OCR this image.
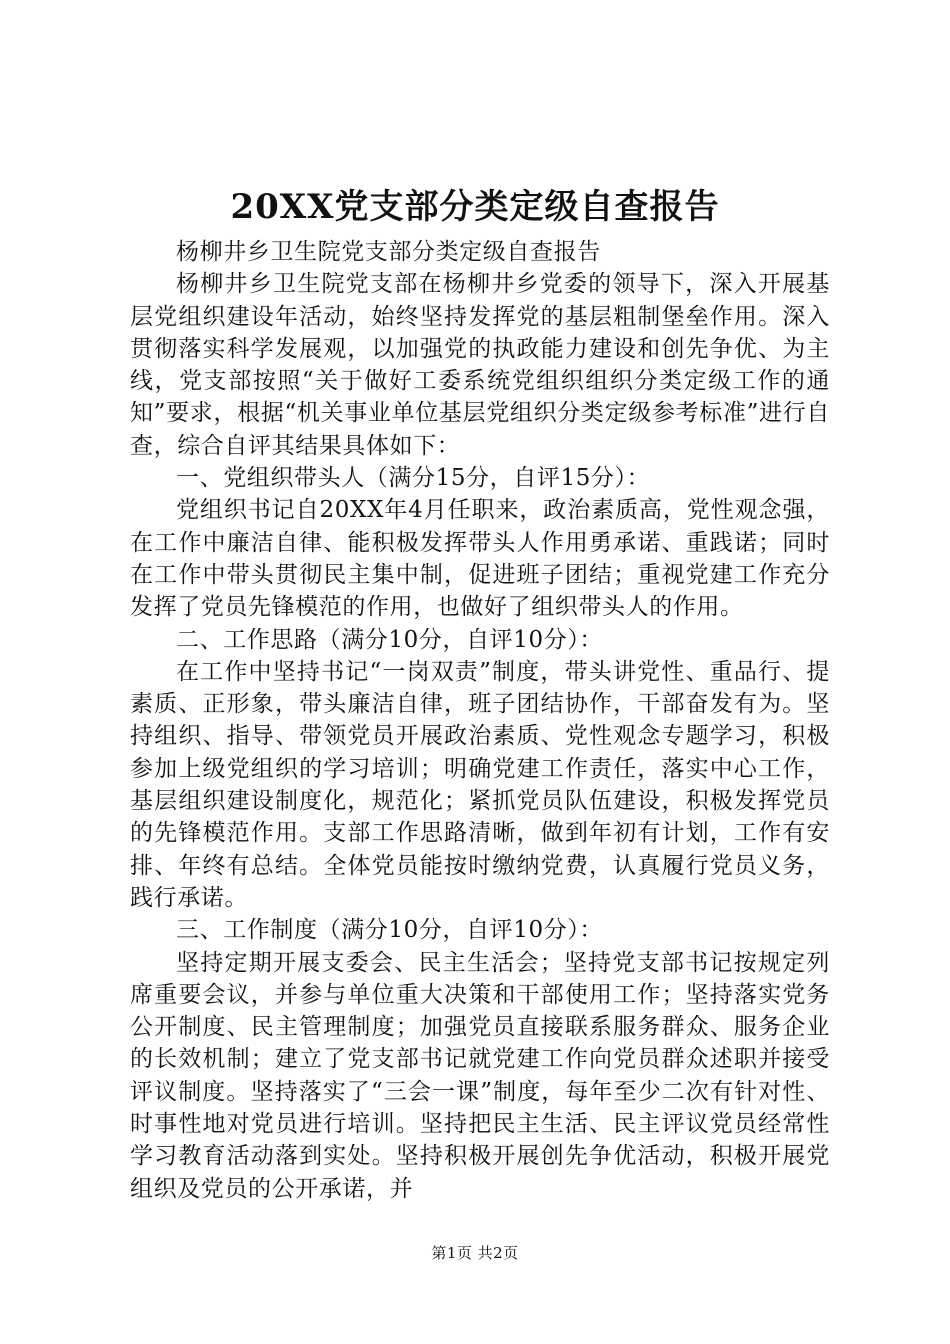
20XX党支部分类定级自查报告

杨柳井乡卫生院党支部分类定级自查报告

杨柳井乡卫生院党支部在杨柳井乡党委的领导下，深入开展基层党组织建设年活动，始终坚持发挥党的基层粗制堡垒作用。深入贯彻落实科学发展观，以加强党的执政能力建设和创先争优、为主线，党支部按照“关于做好工委系统党组织组织分类定级工作的通知”要求，根据“机关事业单位基层党组织分类定级参考标准”进行自查，综合自评其结果具体如下：

一、党组织带头人（满分15分，自评15分）：

党组织书记自20XX年4月任职来，政治素质高，党性观念强，在工作中廉洁自律、能积极发挥带头人作用勇承诺、重践诺；同时在工作中带头贯彻民主集中制，促进班子团结；重视党建工作充分发挥了党员先锋模范的作用，也做好了组织带头人的作用。

二、工作思路（满分10分，自评10分）：

在工作中坚持书记“一岗双责”制度，带头讲党性、重品行、提素质、正形象，带头廉洁自律，班子团结协作，干部奋发有为。坚持组织、指导、带领党员开展政治素质、党性观念专题学习，积极参加上级党组织的学习培训；明确党建工作责任，落实中心工作，基层组织建设制度化，规范化；紧抓党员队伍建设，积极发挥党员的先锋模范作用。支部工作思路清晰，做到年初有计划，工作有安排、年终有总结。全体党员能按时缴纳党费，认真履行党员义务，践行承诺。

三、工作制度（满分10分，自评10分）：

坚持定期开展支委会、民主生活会；坚持党支部书记按规定列席重要会议，并参与单位重大决策和干部使用工作；坚持落实党务公开制度、民主管理制度；加强党员直接联系服务群众、服务企业的长效机制；建立了党支部书记就党建工作向党员群众述职并接受评议制度。坚持落实了“三会一课”制度，每年至少二次有针对性、时事性地对党员进行培训。坚持把民主生活、民主评议党员经常性学习教育活动落到实处。坚持积极开展创先争优活动，积极开展党组织及党员的公开承诺，并

第1页 共2页
